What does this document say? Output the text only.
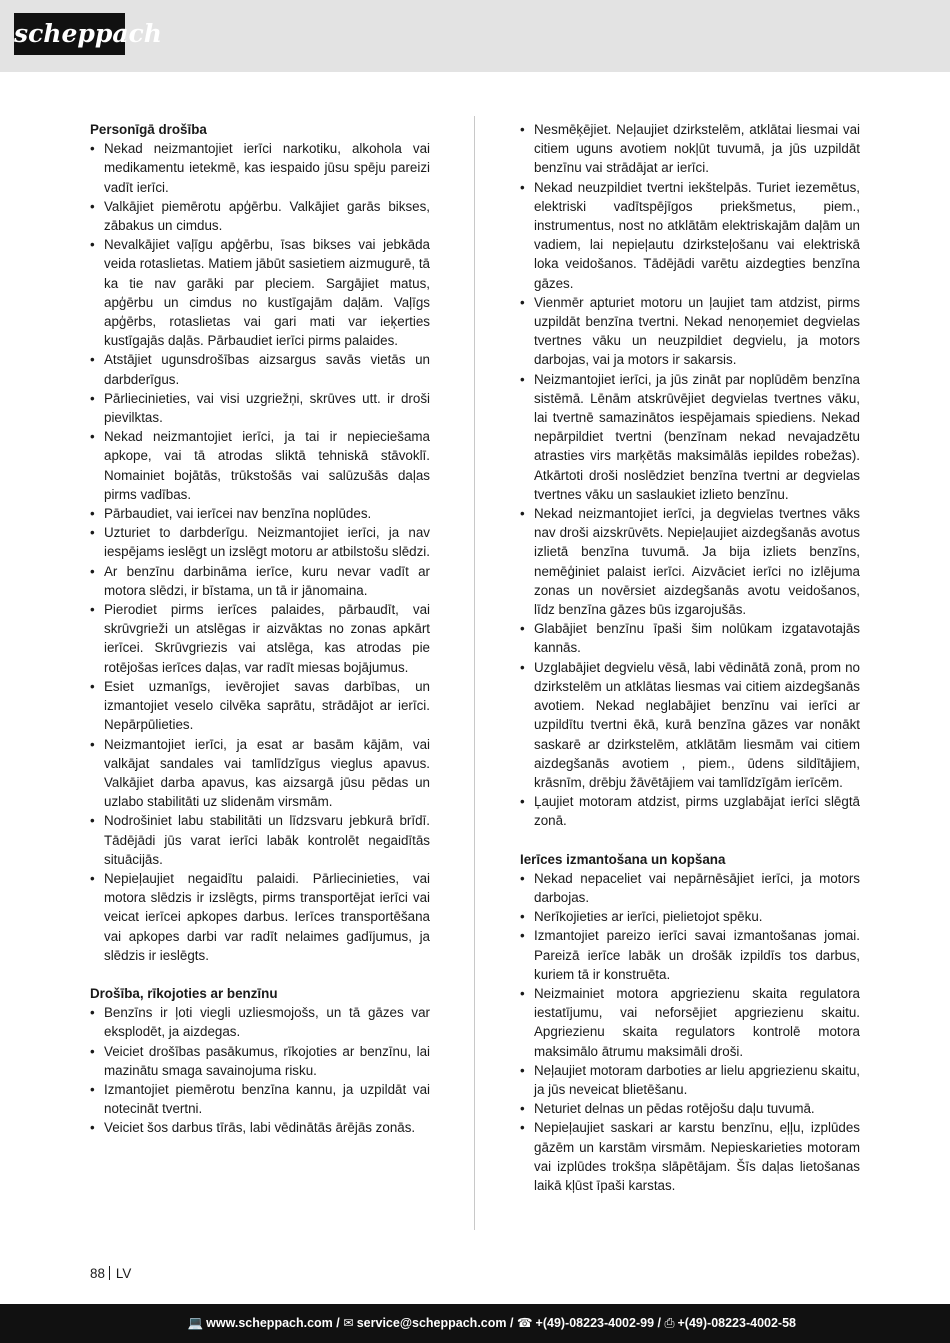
scheppach

Personīgā drošība

• Nekad neizmantojiet ierīci narkotiku, alkohola vai medikamentu ietekmē, kas iespaido jūsu spēju pareizi vadīt ierīci.
• Valkājiet piemērotu apģērbu. Valkājiet garās bikses, zābakus un cimdus.
• Nevalkājiet vaļīgu apģērbu, īsas bikses vai jebkāda veida rotaslietas. Matiem jābūt sasietiem aizmugurē, tā ka tie nav garāki par pleciem. Sargājiet matus, apģērbu un cimdus no kustīgajām daļām. Vaļīgs apģērbs, rotaslietas vai gari mati var ieķerties kustīgajās daļās. Pārbaudiet ierīci pirms palaides.
• Atstājiet ugunsdrošības aizsargus savās vietās un darbderīgus.
• Pārliecinieties, vai visi uzgriežņi, skrūves utt. ir droši pievilktas.
• Nekad neizmantojiet ierīci, ja tai ir nepieciešama apkope, vai tā atrodas sliktā tehniskā stāvoklī. Nomainiet bojātās, trūkstošās vai salūzušās daļas pirms vadības.
• Pārbaudiet, vai ierīcei nav benzīna noplūdes.
• Uzturiet to darbderīgu. Neizmantojiet ierīci, ja nav iespējams ieslēgt un izslēgt motoru ar atbilstošu slēdzi.
• Ar benzīnu darbināma ierīce, kuru nevar vadīt ar motora slēdzi, ir bīstama, un tā ir jānomaina.
• Pierodiet pirms ierīces palaides, pārbaudīt, vai skrūvgrieži un atslēgas ir aizvāktas no zonas apkārt ierīcei. Skrūvgriezis vai atslēga, kas atrodas pie rotējošas ierīces daļas, var radīt miesas bojājumus.
• Esiet uzmanīgs, ievērojiet savas darbības, un izmantojiet veselo cilvēka saprātu, strādājot ar ierīci. Nepārpūlieties.
• Neizmantojiet ierīci, ja esat ar basām kājām, vai valkājat sandales vai tamlīdzīgus vieglus apavus. Valkājiet darba apavus, kas aizsargā jūsu pēdas un uzlabo stabilitāti uz slidenām virsmām.
• Nodrošiniet labu stabilitāti un līdzsvaru jebkurā brīdī. Tādējādi jūs varat ierīci labāk kontrolēt negaidītās situācijās.
• Nepieļaujiet negaidītu palaidi. Pārliecinieties, vai motora slēdzis ir izslēgts, pirms transportējat ierīci vai veicat ierīcei apkopes darbus. Ierīces transportēšana vai apkopes darbi var radīt nelaimes gadījumus, ja slēdzis ir ieslēgts.

Drošība, rīkojoties ar benzīnu

• Benzīns ir ļoti viegli uzliesmojošs, un tā gāzes var eksplodēt, ja aizdegas.
• Veiciet drošības pasākumus, rīkojoties ar benzīnu, lai mazinātu smaga savainojuma risku.
• Izmantojiet piemērotu benzīna kannu, ja uzpildāt vai notecināt tvertni.
• Veiciet šos darbus tīrās, labi vēdinātās ārējās zonās.
• Nesmēķējiet. Neļaujiet dzirkstelēm, atklātai liesmai vai citiem uguns avotiem nokļūt tuvumā, ja jūs uzpildāt benzīnu vai strādājat ar ierīci.
• Nekad neuzpildiet tvertni iekštelpās. Turiet iezemētus, elektriski vadītspējīgos priekšmetus, piem., instrumentus, nost no atklātām elektriskajām daļām un vadiem, lai nepieļautu dzirksteļošanu vai elektriskā loka veidošanos. Tādējādi varētu aizdegties benzīna gāzes.
• Vienmēr apturiet motoru un ļaujiet tam atdzist, pirms uzpildāt benzīna tvertni. Nekad nenoņemiet degvielas tvertnes vāku un neuzpildiet degvielu, ja motors darbojas, vai ja motors ir sakarsis.
• Neizmantojiet ierīci, ja jūs zināt par noplūdēm benzīna sistēmā. Lēnām atskrūvējiet degvielas tvertnes vāku, lai tvertnē samazinātos iespējamais spiediens. Nekad nepārpildiet tvertni (benzīnam nekad nevajadzētu atrasties virs marķētās maksimālās iepildes robežas). Atkārtoti droši noslēdziet benzīna tvertni ar degvielas tvertnes vāku un saslaukiet izlieto benzīnu.
• Nekad neizmantojiet ierīci, ja degvielas tvertnes vāks nav droši aizskrūvēts. Nepieļaujiet aizdegšanās avotus izlietā benzīna tuvumā. Ja bija izliets benzīns, nemēģiniet palaist ierīci. Aizvāciet ierīci no izlējuma zonas un novērsiet aizdegšanās avotu veidošanos, līdz benzīna gāzes būs izgarojušās.
• Glabājiet benzīnu īpaši šim nolūkam izgatavotajās kannās.
• Uzglabājiet degvielu vēsā, labi vēdinātā zonā, prom no dzirkstelēm un atklātas liesmas vai citiem aizdegšanās avotiem. Nekad neglabājiet benzīnu vai ierīci ar uzpildītu tvertni ēkā, kurā benzīna gāzes var nonākt saskarē ar dzirkstelēm, atklātām liesmām vai citiem aizdegšanās avotiem , piem., ūdens sildītājiem, krāsnīm, drēbju žāvētājiem vai tamlīdzīgām ierīcēm.
• Ļaujiet motoram atdzist, pirms uzglabājat ierīci slēgtā zonā.

Ierīces izmantošana un kopšana

• Nekad nepaceliet vai nepārnēsājiet ierīci, ja motors darbojas.
• Nerīkojieties ar ierīci, pielietojot spēku.
• Izmantojiet pareizo ierīci savai izmantošanas jomai. Pareizā ierīce labāk un drošāk izpildīs tos darbus, kuriem tā ir konstruēta.
• Neizmainiet motora apgriezienu skaita regulatora iestatījumu, vai neforsējiet apgriezienu skaitu. Apgriezienu skaita regulators kontrolē motora maksimālo ātrumu maksimāli droši.
• Neļaujiet motoram darboties ar lielu apgriezienu skaitu, ja jūs neveicat blietēšanu.
• Neturiet delnas un pēdas rotējošu daļu tuvumā.
• Nepieļaujiet saskari ar karstu benzīnu, eļļu, izplūdes gāzēm un karstām virsmām. Nepieskarieties motoram vai izplūdes trokšņa slāpētājam. Šīs daļas lietošanas laikā kļūst īpaši karstas.
88 LV
💻 www.scheppach.com / ✉ service@scheppach.com / ☎ +(49)-08223-4002-99 / ⎙ +(49)-08223-4002-58
